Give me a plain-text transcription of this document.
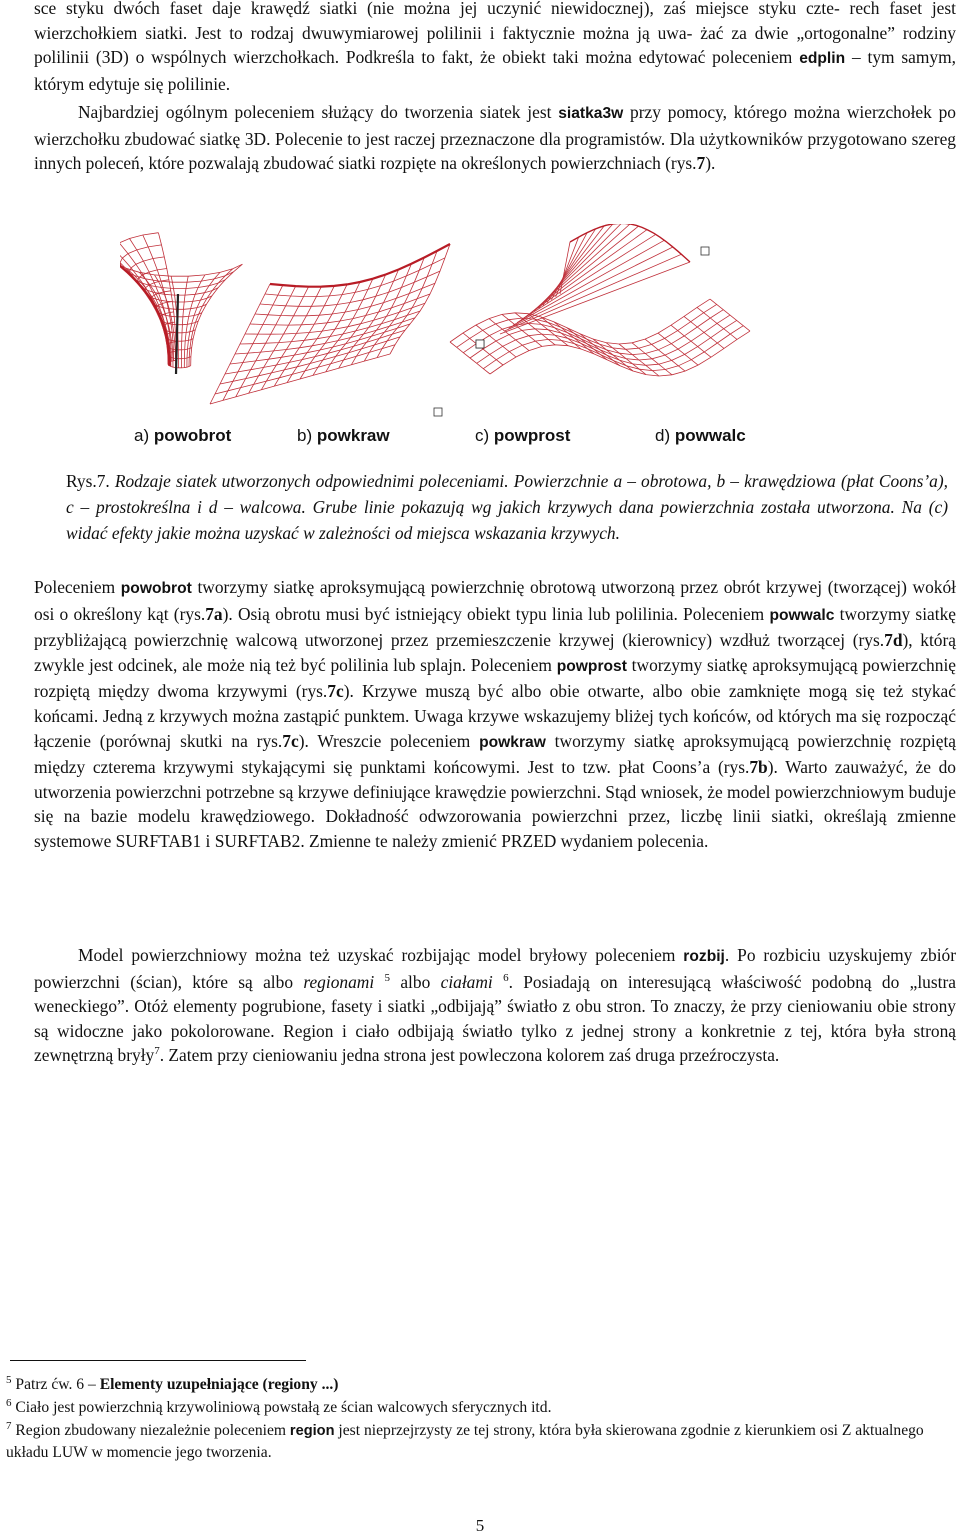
sce styku dwóch faset daje krawędź siatki (nie można jej uczynić niewidocznej), zaś miejsce styku czte- rech faset jest wierzchołkiem siatki. Jest to rodzaj dwuwymiarowej polilinii i faktycznie można ją uwa- żać za dwie „ortogonalne” rodziny polilinii (3D) o wspólnych wierzchołkach. Podkreśla to fakt, że obiekt taki można edytować poleceniem edplin – tym samym, którym edytuje się polilinie.

Najbardziej ogólnym poleceniem służący do tworzenia siatek jest siatka3w przy pomocy, którego można wierzchołek po wierzchołku zbudować siatkę 3D. Polecenie to jest raczej przeznaczone dla programistów. Dla użytkowników przygotowano szereg innych poleceń, które pozwalają zbudować siatki rozpięte na określonych powierzchniach (rys.7).

a) powobrot	b) powkraw	c) powprost	d) powwalc

Rys.7. Rodzaje siatek utworzonych odpowiednimi poleceniami. Powierzchnie a – obrotowa, b – krawędziowa (płat Coons’a), c – prostokreślna i d – walcowa. Grube linie pokazują wg jakich krzywych dana powierzchnia została utworzona. Na (c) widać efekty jakie można uzyskać w zależności od miejsca wskazania krzywych.

Poleceniem powobrot tworzymy siatkę aproksymującą powierzchnię obrotową utworzoną przez obrót krzywej (tworzącej) wokół osi o określony kąt (rys.7a). Osią obrotu musi być istniejący obiekt typu linia lub polilinia. Poleceniem powwalc tworzymy siatkę przybliżającą powierzchnię walcową utworzonej przez przemieszczenie krzywej (kierownicy) wzdłuż tworzącej (rys.7d), którą zwykle jest odcinek, ale może nią też być polilinia lub splajn. Poleceniem powprost tworzymy siatkę aproksymującą powierzchnię rozpiętą między dwoma krzywymi (rys.7c). Krzywe muszą być albo obie otwarte, albo obie zamknięte mogą się też stykać końcami. Jedną z krzywych można zastąpić punktem. Uwaga krzywe wskazujemy bliżej tych końców, od których ma się rozpocząć łączenie (porównaj skutki na rys.7c). Wreszcie poleceniem powkraw tworzymy siatkę aproksymującą powierzchnię rozpiętą między czterema krzywymi stykającymi się punktami końcowymi. Jest to tzw. płat Coons’a (rys.7b). Warto zauważyć, że do utworzenia powierzchni potrzebne są krzywe definiujące krawędzie powierzchni. Stąd wniosek, że model powierzchniowym buduje się na bazie modelu krawędziowego. Dokładność odwzorowania powierzchni przez, liczbę linii siatki, określają zmienne systemowe SURFTAB1 i SURFTAB2. Zmienne te należy zmienić PRZED wydaniem polecenia.

Model powierzchniowy można też uzyskać rozbijając model bryłowy poleceniem rozbij. Po rozbiciu uzyskujemy zbiór powierzchni (ścian), które są albo regionami $^5$ albo ciałami $^6$. Posiadają on interesującą właściwość podobną do „lustra weneckiego”. Otóż elementy pogrubione, fasety i siatki „odbijają” światło z obu stron. To znaczy, że przy cieniowaniu obie strony są widoczne jako pokolorowane. Region i ciało odbijają światło tylko z jednej strony a konkretnie z tej, która była stroną zewnętrzną bryły$^7$. Zatem przy cieniowaniu jedna strona jest powleczona kolorem zaś druga przeźroczysta.

$^5$ Patrz ćw. 6 – Elementy uzupełniające (regiony ...)

$^6$ Ciało jest powierzchnią krzywoliniową powstałą ze ścian walcowych sferycznych itd.

$^7$ Region zbudowany niezależnie poleceniem region jest nieprzejrzysty ze tej strony, która była skierowana zgodnie z kierunkiem osi Z aktualnego układu LUW w momencie jego tworzenia.

5
